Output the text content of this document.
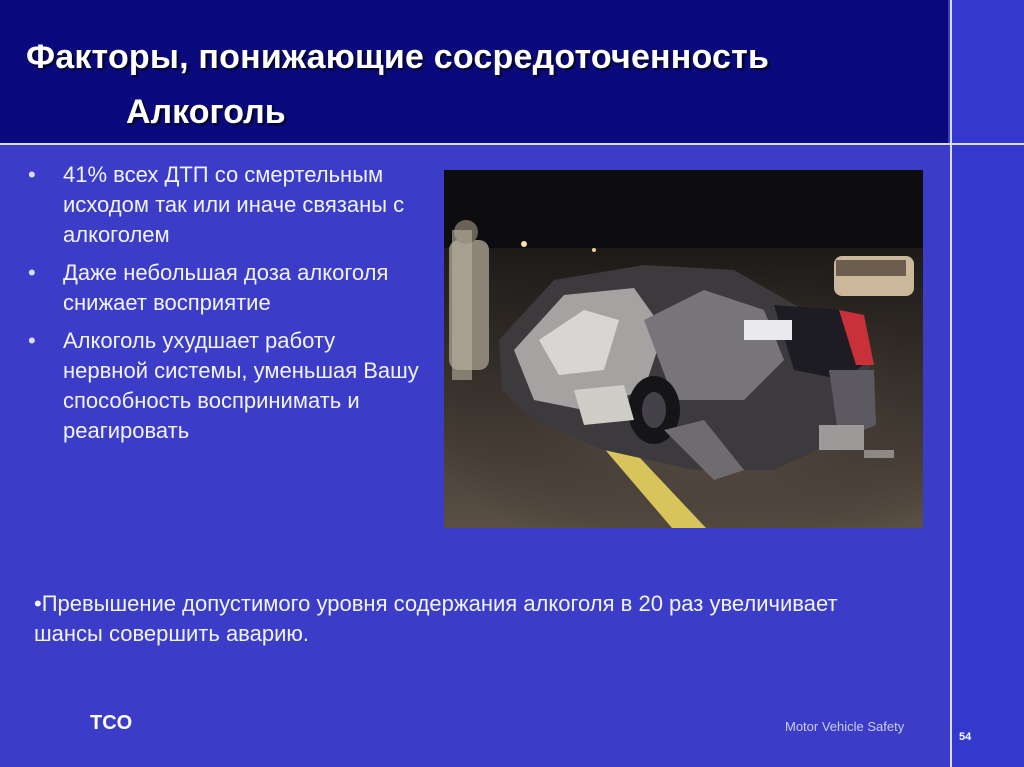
Факторы, понижающие сосредоточенность
Алкоголь
• 41% всех ДТП со смертельным исходом так или иначе связаны с алкоголем
• Даже небольшая доза алкоголя снижает восприятие
• Алкоголь ухудшает работу нервной системы, уменьшая Вашу способность воспринимать и реагировать

•Превышение допустимого уровня содержания алкоголя в 20 раз увеличивает шансы совершить аварию.

TCO	Motor Vehicle Safety
54
